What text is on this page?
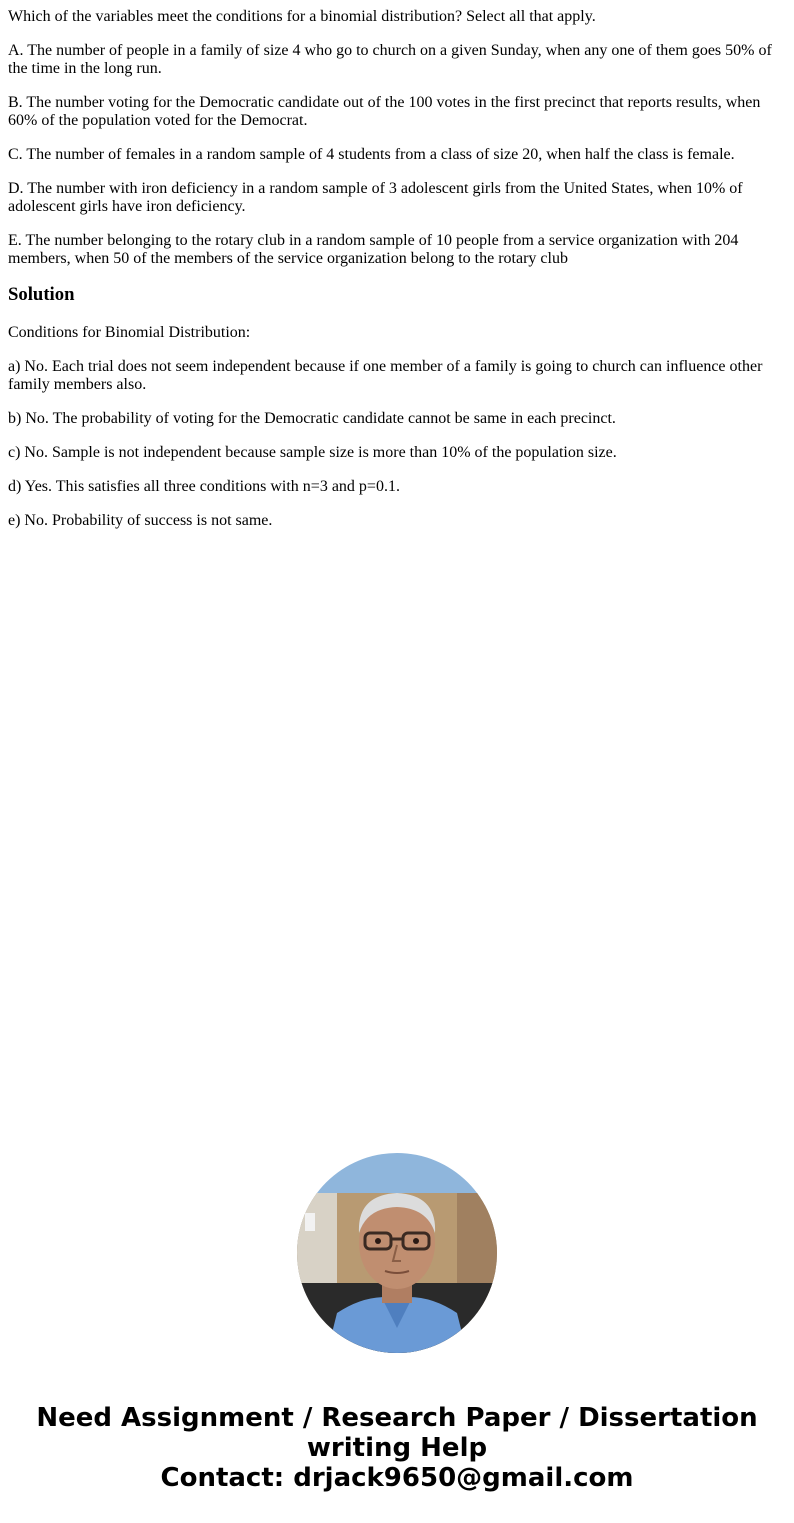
Which of the variables meet the conditions for a binomial distribution? Select all that apply.

A. The number of people in a family of size 4 who go to church on a given Sunday, when any one of them goes 50% of the time in the long run.

B. The number voting for the Democratic candidate out of the 100 votes in the first precinct that reports results, when 60% of the population voted for the Democrat.

C. The number of females in a random sample of 4 students from a class of size 20, when half the class is female.

D. The number with iron deficiency in a random sample of 3 adolescent girls from the United States, when 10% of adolescent girls have iron deficiency.

E. The number belonging to the rotary club in a random sample of 10 people from a service organization with 204 members, when 50 of the members of the service organization belong to the rotary club

Solution

Conditions for Binomial Distribution:

a) No. Each trial does not seem independent because if one member of a family is going to church can influence other family members also.

b) No. The probability of voting for the Democratic candidate cannot be same in each precinct.

c) No. Sample is not independent because sample size is more than 10% of the population size.

d) Yes. This satisfies all three conditions with n=3 and p=0.1.

e) No. Probability of success is not same.

Need Assignment / Research Paper / Dissertation
writing Help
Contact: drjack9650@gmail.com
